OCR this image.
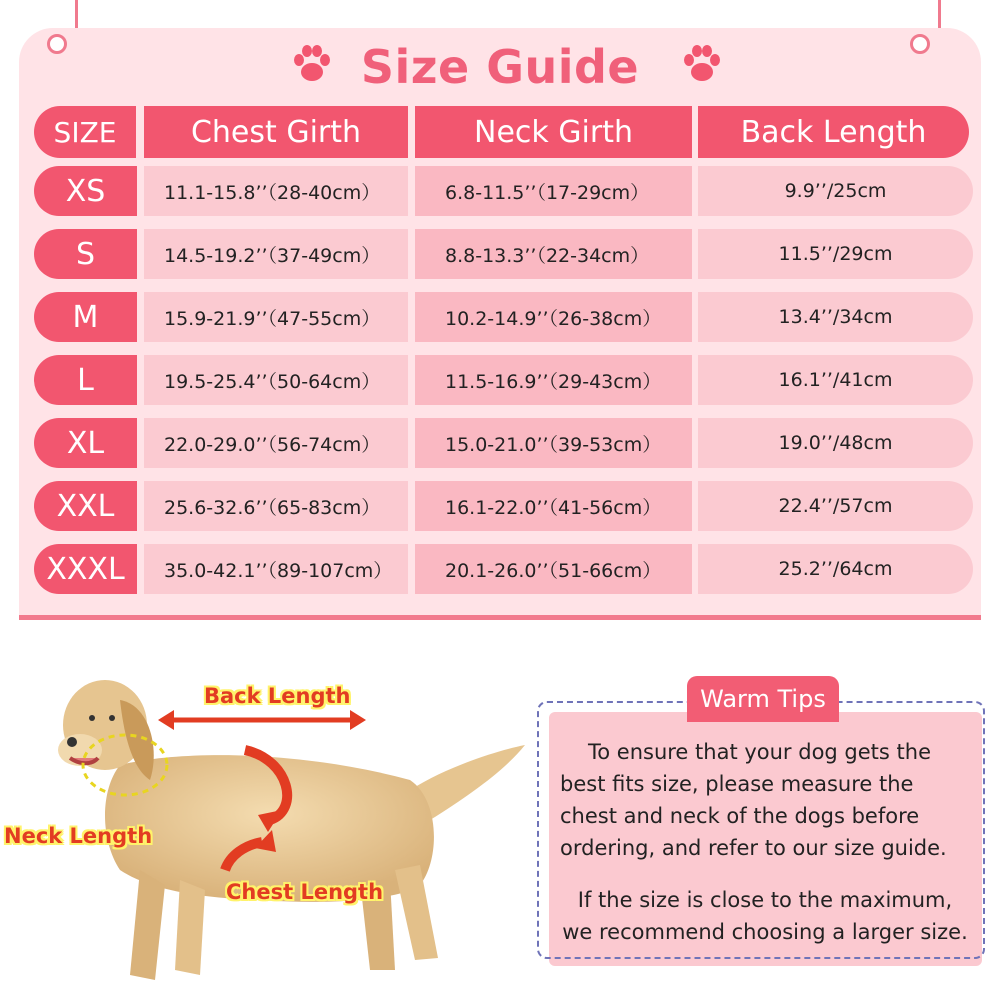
Size Guide
SIZE	Chest Girth	Neck Girth	Back Length
XS	11.1-15.8’’（28-40cm）	6.8-11.5’’（17-29cm）	9.9’’/25cm
S	14.5-19.2’’（37-49cm）	8.8-13.3’’（22-34cm）	11.5’’/29cm
M	15.9-21.9’’（47-55cm）	10.2-14.9’’（26-38cm）	13.4’’/34cm
L	19.5-25.4’’（50-64cm）	11.5-16.9’’（29-43cm）	16.1’’/41cm
XL	22.0-29.0’’（56-74cm）	15.0-21.0’’（39-53cm）	19.0’’/48cm
XXL	25.6-32.6’’（65-83cm）	16.1-22.0’’（41-56cm）	22.4’’/57cm
XXXL	35.0-42.1’’（89-107cm）	20.1-26.0’’（51-66cm）	25.2’’/64cm
Back Length
Neck Length
Chest Length
Warm Tips

To ensure that your dog gets the best fits size, please measure the chest and neck of the dogs before ordering, and refer to our size guide.

If the size is close to the maximum, we recommend choosing a larger size.
